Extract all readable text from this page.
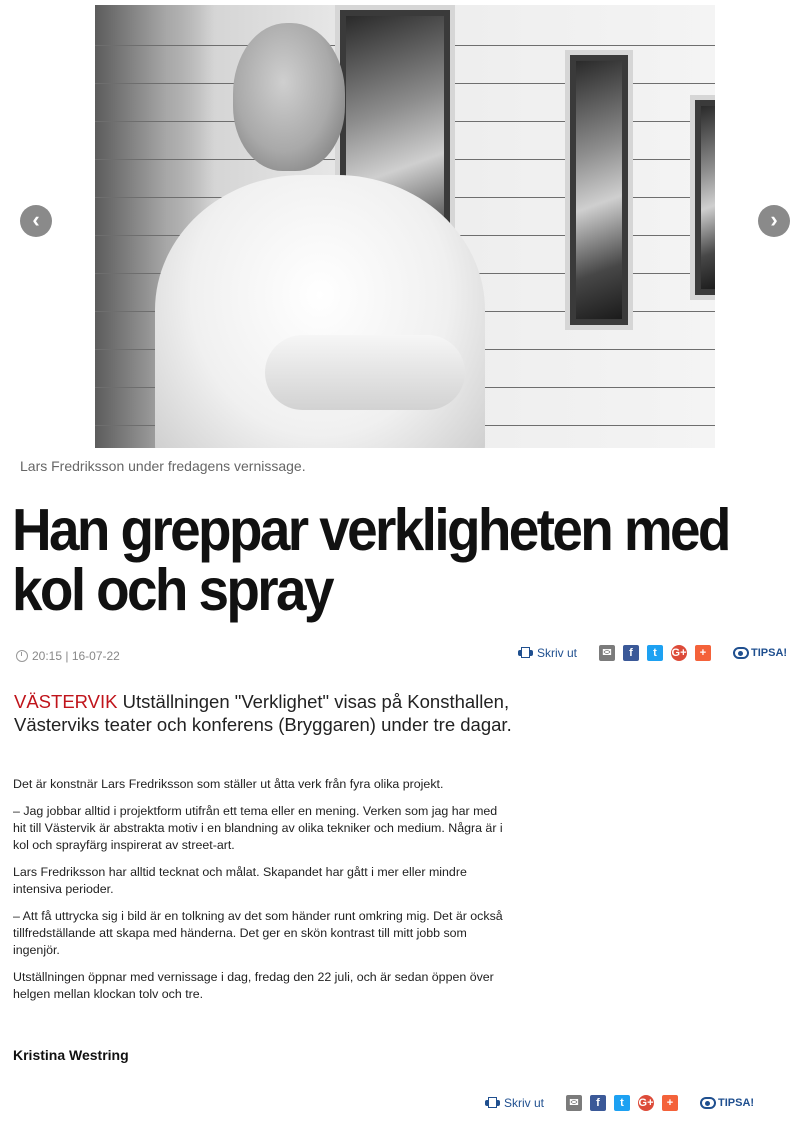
‹	›
Lars Fredriksson under fredagens vernissage.
Han greppar verkligheten med kol och spray
20:15 | 16-07-22	Skriv ut	✉	f	t	G+	+	TIPSA!

VÄSTERVIK Utställningen "Verklighet" visas på Konsthallen, Västerviks teater och konferens (Bryggaren) under tre dagar.

Det är konstnär Lars Fredriksson som ställer ut åtta verk från fyra olika projekt.

– Jag jobbar alltid i projektform utifrån ett tema eller en mening. Verken som jag har med hit till Västervik är abstrakta motiv i en blandning av olika tekniker och medium. Några är i kol och sprayfärg inspirerat av street-art.

Lars Fredriksson har alltid tecknat och målat. Skapandet har gått i mer eller mindre intensiva perioder.

– Att få uttrycka sig i bild är en tolkning av det som händer runt omkring mig. Det är också tillfredställande att skapa med händerna. Det ger en skön kontrast till mitt jobb som ingenjör.

Utställningen öppnar med vernissage i dag, fredag den 22 juli, och är sedan öppen över helgen mellan klockan tolv och tre.

Kristina Westring
Skriv ut	✉	f	t	G+	+	TIPSA!
